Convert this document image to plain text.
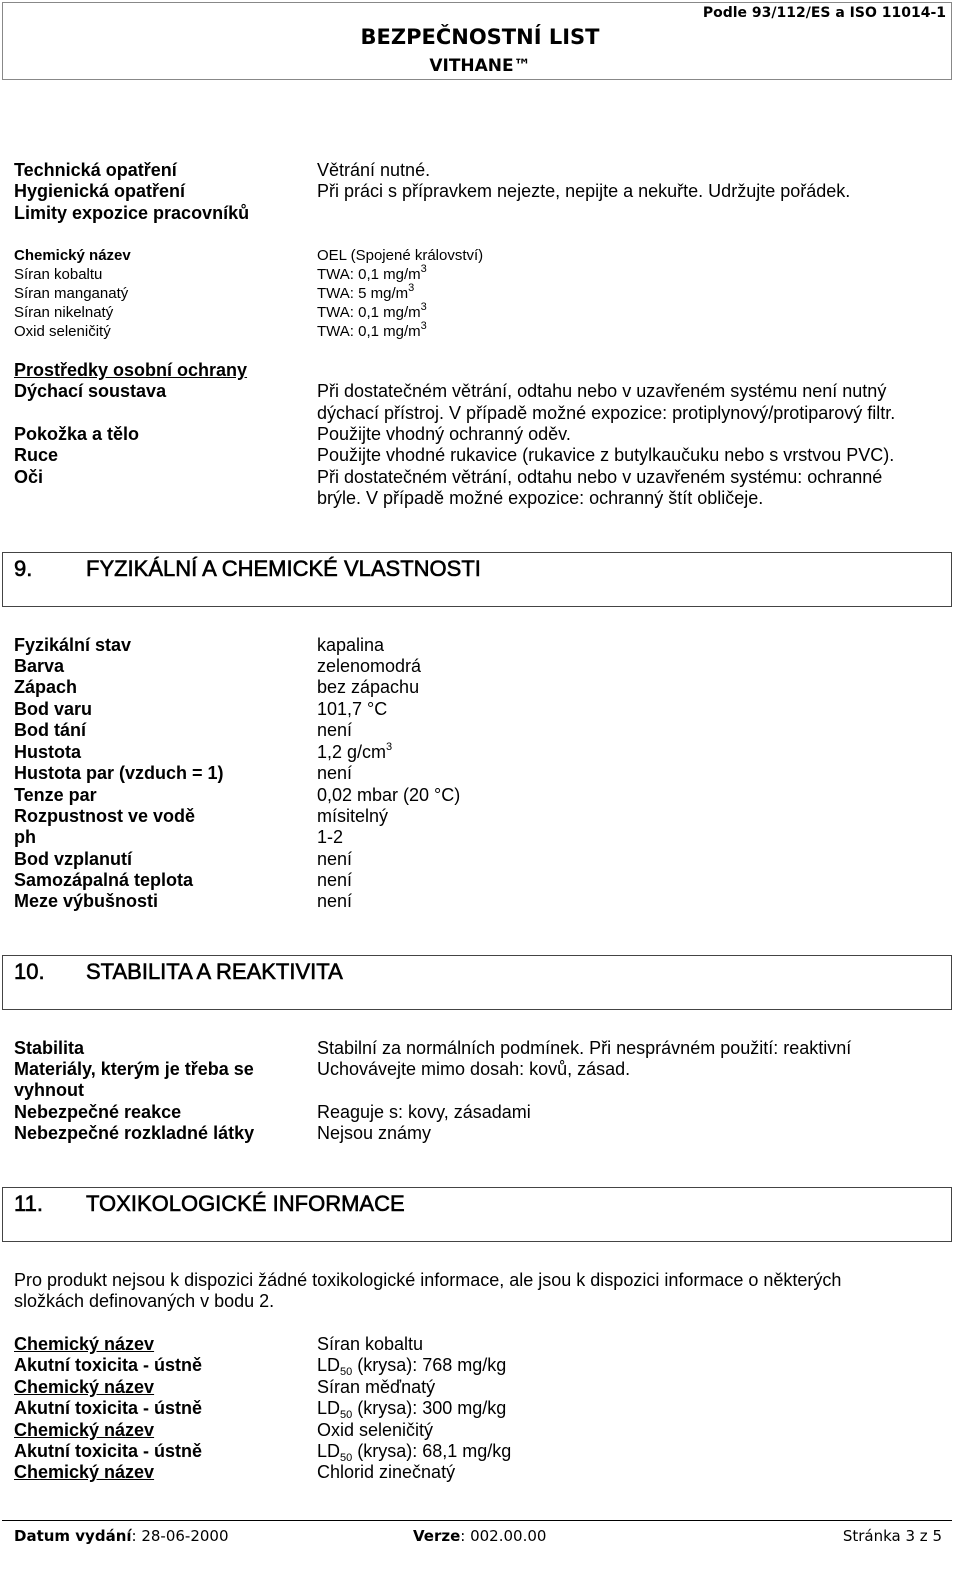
Podle 93/112/ES a ISO 11014-1
BEZPEČNOSTNÍ LIST
VITHANE™
Technická opatření	Větrání nutné.
Hygienická opatření	Při práci s přípravkem nejezte, nepijte a nekuřte. Udržujte pořádek.
Limity expozice pracovníků
Chemický název	OEL (Spojené království)
Síran kobaltu	TWA: 0,1 $mg/m^3$
Síran manganatý	TWA: 5 $mg/m^3$
Síran nikelnatý	TWA: 0,1 $mg/m^3$
Oxid seleničitý	TWA: 0,1 $mg/m^3$
Prostředky osobní ochrany
Dýchací soustava	Při dostatečném větrání, odtahu nebo v uzavřeném systému není nutný
dýchací přístroj. V případě možné expozice: protiplynový/protiparový filtr.
Pokožka a tělo	Použijte vhodný ochranný oděv.
Ruce	Použijte vhodné rukavice (rukavice z butylkaučuku nebo s vrstvou PVC).
Oči	Při dostatečném větrání, odtahu nebo v uzavřeném systému: ochranné
brýle. V případě možné expozice: ochranný štít obličeje.
9. FYZIKÁLNÍ A CHEMICKÉ VLASTNOSTI
Fyzikální stav	kapalina
Barva	zelenomodrá
Zápach	bez zápachu
Bod varu	101,7 °C
Bod tání	není
Hustota	1,2 $g/cm^3$
Hustota par (vzduch = 1)	není
Tenze par	0,02 mbar (20 °C)
Rozpustnost ve vodě	mísitelný
ph	1-2
Bod vzplanutí	není
Samozápalná teplota	není
Meze výbušnosti	není
10. STABILITA A REAKTIVITA
Stabilita	Stabilní za normálních podmínek. Při nesprávném použití: reaktivní
Materiály, kterým je třeba se	Uchovávejte mimo dosah: kovů, zásad.
vyhnout
Nebezpečné reakce	Reaguje s: kovy, zásadami
Nebezpečné rozkladné látky	Nejsou známy
11. TOXIKOLOGICKÉ INFORMACE
Pro produkt nejsou k dispozici žádné toxikologické informace, ale jsou k dispozici informace o některých
složkách definovaných v bodu 2.
Chemický název	Síran kobaltu
Akutní toxicita - ústně	$LD_{50}$ (krysa): 768 mg/kg
Chemický název	Síran měďnatý
Akutní toxicita - ústně	$LD_{50}$ (krysa): 300 mg/kg
Chemický název	Oxid seleničitý
Akutní toxicita - ústně	$LD_{50}$ (krysa): 68,1 mg/kg
Chemický název	Chlorid zinečnatý
Datum vydání: 28-06-2000	Verze: 002.00.00	Stránka 3 z 5
